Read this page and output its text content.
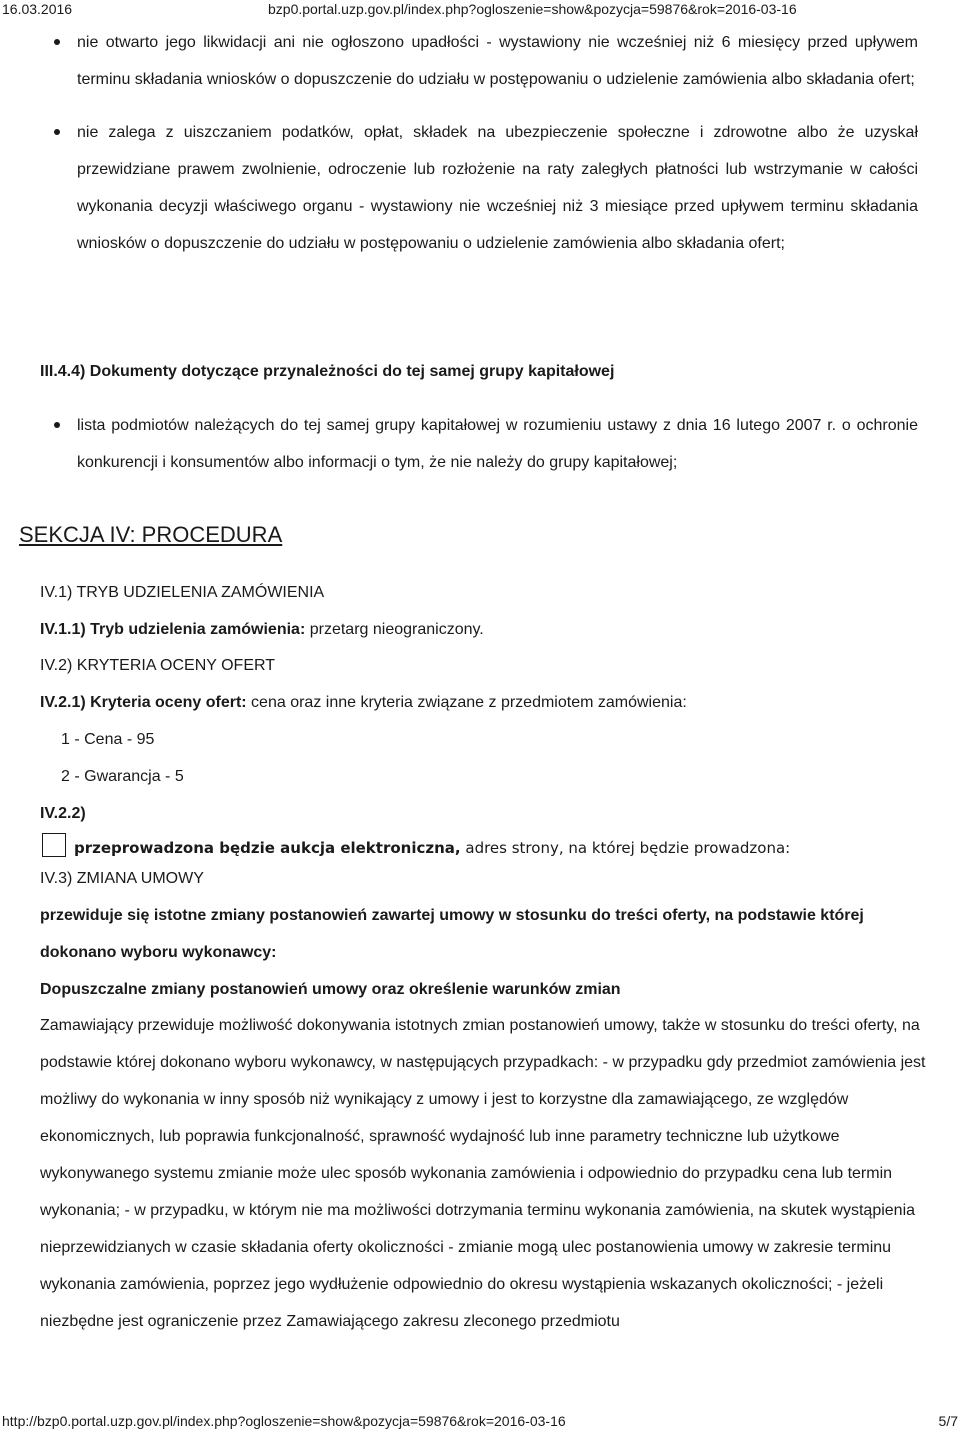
16.03.2016	bzp0.portal.uzp.gov.pl/index.php?ogloszenie=show&pozycja=59876&rok=2016-03-16
nie otwarto jego likwidacji ani nie ogłoszono upadłości - wystawiony nie wcześniej niż 6 miesięcy przed upływem terminu składania wniosków o dopuszczenie do udziału w postępowaniu o udzielenie zamówienia albo składania ofert;
nie zalega z uiszczaniem podatków, opłat, składek na ubezpieczenie społeczne i zdrowotne albo że uzyskał przewidziane prawem zwolnienie, odroczenie lub rozłożenie na raty zaległych płatności lub wstrzymanie w całości wykonania decyzji właściwego organu - wystawiony nie wcześniej niż 3 miesiące przed upływem terminu składania wniosków o dopuszczenie do udziału w postępowaniu o udzielenie zamówienia albo składania ofert;
III.4.4) Dokumenty dotyczące przynależności do tej samej grupy kapitałowej
lista podmiotów należących do tej samej grupy kapitałowej w rozumieniu ustawy z dnia 16 lutego 2007 r. o ochronie konkurencji i konsumentów albo informacji o tym, że nie należy do grupy kapitałowej;
SEKCJA IV: PROCEDURA
IV.1) TRYB UDZIELENIA ZAMÓWIENIA
IV.1.1) Tryb udzielenia zamówienia: przetarg nieograniczony.
IV.2) KRYTERIA OCENY OFERT
IV.2.1) Kryteria oceny ofert: cena oraz inne kryteria związane z przedmiotem zamówienia:
1 - Cena - 95
2 - Gwarancja - 5
IV.2.2)
przeprowadzona będzie aukcja elektroniczna, adres strony, na której będzie prowadzona:
IV.3) ZMIANA UMOWY
przewiduje się istotne zmiany postanowień zawartej umowy w stosunku do treści oferty, na podstawie której dokonano wyboru wykonawcy:
Dopuszczalne zmiany postanowień umowy oraz określenie warunków zmian
Zamawiający przewiduje możliwość dokonywania istotnych zmian postanowień umowy, także w stosunku do treści oferty, na podstawie której dokonano wyboru wykonawcy, w następujących przypadkach: - w przypadku gdy przedmiot zamówienia jest możliwy do wykonania w inny sposób niż wynikający z umowy i jest to korzystne dla zamawiającego, ze względów ekonomicznych, lub poprawia funkcjonalność, sprawność wydajność lub inne parametry techniczne lub użytkowe wykonywanego systemu zmianie może ulec sposób wykonania zamówienia i odpowiednio do przypadku cena lub termin wykonania; - w przypadku, w którym nie ma możliwości dotrzymania terminu wykonania zamówienia, na skutek wystąpienia nieprzewidzianych w czasie składania oferty okoliczności - zmianie mogą ulec postanowienia umowy w zakresie terminu wykonania zamówienia, poprzez jego wydłużenie odpowiednio do okresu wystąpienia wskazanych okoliczności; - jeżeli niezbędne jest ograniczenie przez Zamawiającego zakresu zleconego przedmiotu
http://bzp0.portal.uzp.gov.pl/index.php?ogloszenie=show&pozycja=59876&rok=2016-03-16	5/7
